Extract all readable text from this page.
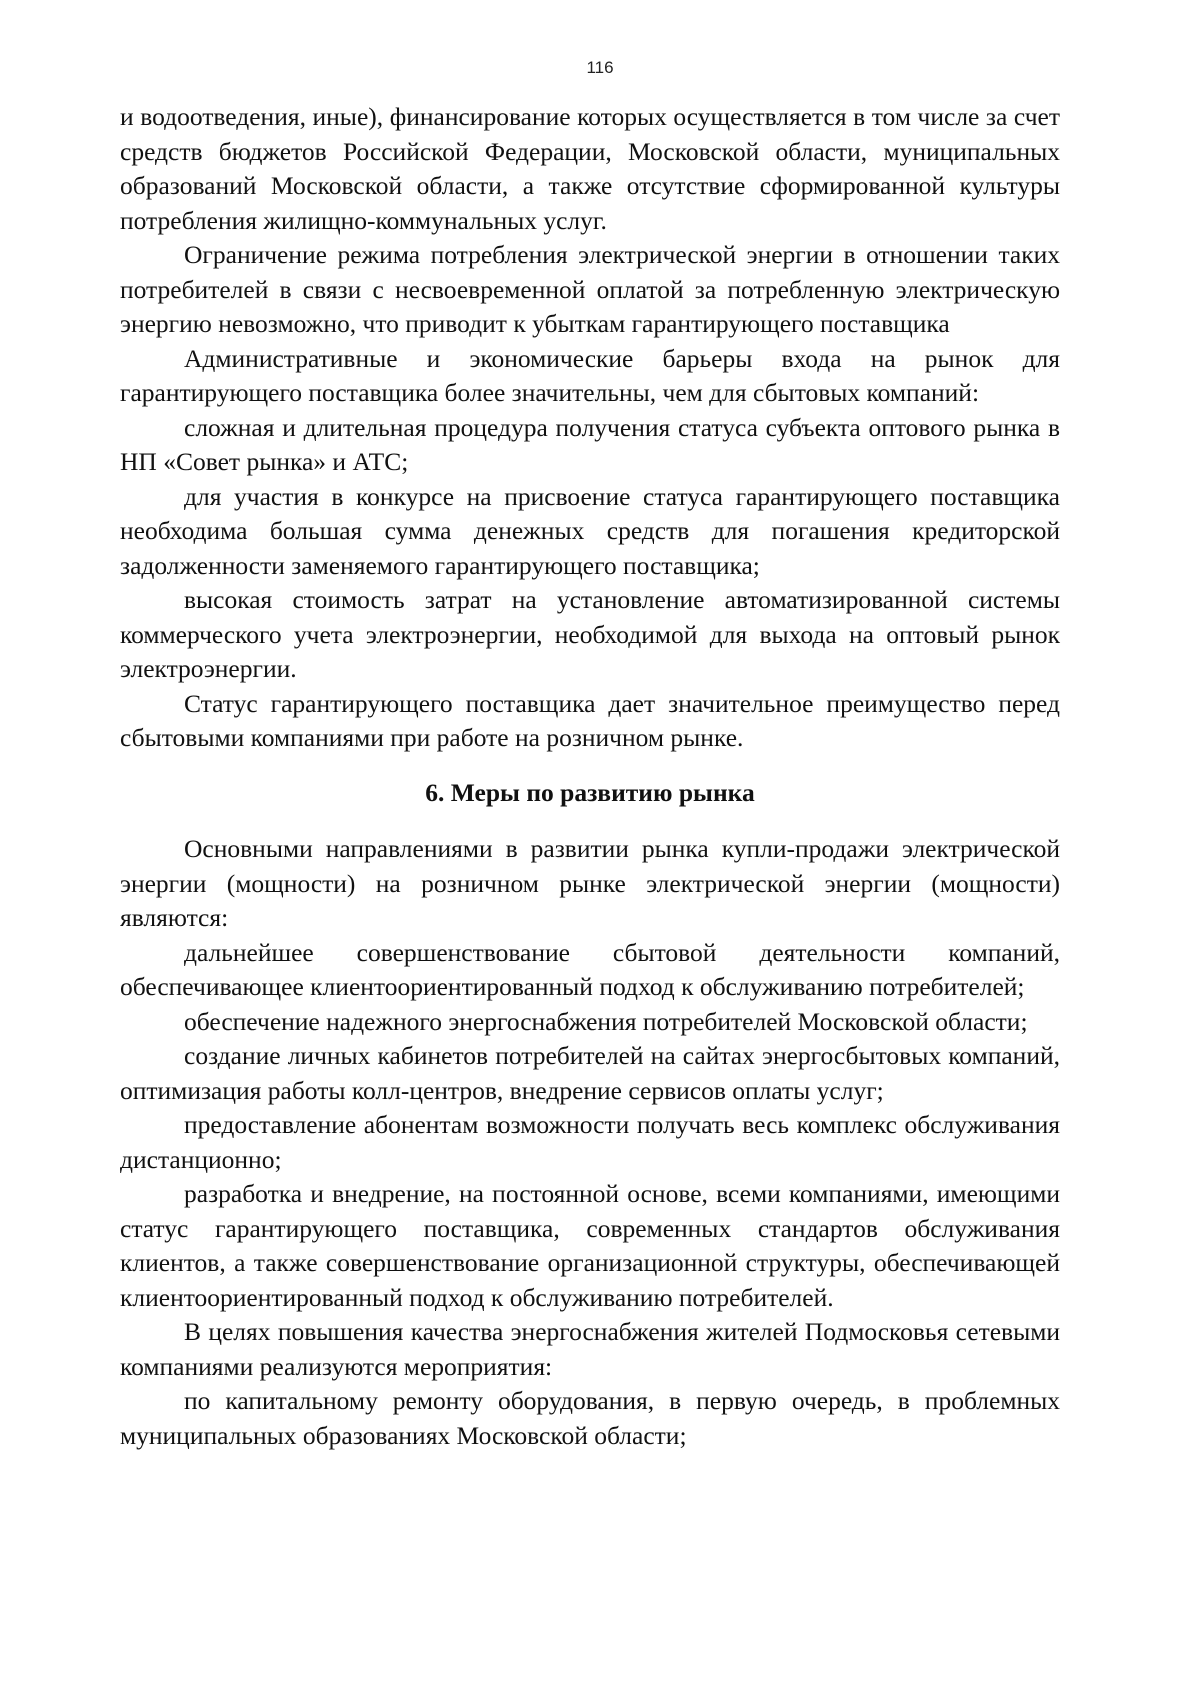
116

и водоотведения, иные), финансирование которых осуществляется в том числе за счет средств бюджетов Российской Федерации, Московской области, муниципальных образований Московской области, а также отсутствие сформированной культуры потребления жилищно-коммунальных услуг.

Ограничение режима потребления электрической энергии в отношении таких потребителей в связи с несвоевременной оплатой за потребленную электрическую энергию невозможно, что приводит к убыткам гарантирующего поставщика

Административные и экономические барьеры входа на рынок для гарантирующего поставщика более значительны, чем для сбытовых компаний:

сложная и длительная процедура получения статуса субъекта оптового рынка в НП «Совет рынка» и АТС;

для участия в конкурсе на присвоение статуса гарантирующего поставщика необходима большая сумма денежных средств для погашения кредиторской задолженности заменяемого гарантирующего поставщика;

высокая стоимость затрат на установление автоматизированной системы коммерческого учета электроэнергии, необходимой для выхода на оптовый рынок электроэнергии.

Статус гарантирующего поставщика дает значительное преимущество перед сбытовыми компаниями при работе на розничном рынке.

6. Меры по развитию рынка

Основными направлениями в развитии рынка купли-продажи электрической энергии (мощности) на розничном рынке электрической энергии (мощности) являются:

дальнейшее совершенствование сбытовой деятельности компаний, обеспечивающее клиентоориентированный подход к обслуживанию потребителей;

обеспечение надежного энергоснабжения потребителей Московской области;

создание личных кабинетов потребителей на сайтах энергосбытовых компаний, оптимизация работы колл-центров, внедрение сервисов оплаты услуг;

предоставление абонентам возможности получать весь комплекс обслуживания дистанционно;

разработка и внедрение, на постоянной основе, всеми компаниями, имеющими статус гарантирующего поставщика, современных стандартов обслуживания клиентов, а также совершенствование организационной структуры, обеспечивающей клиентоориентированный подход к обслуживанию потребителей.

В целях повышения качества энергоснабжения жителей Подмосковья сетевыми компаниями реализуются мероприятия:

по капитальному ремонту оборудования, в первую очередь, в проблемных муниципальных образованиях Московской области;
